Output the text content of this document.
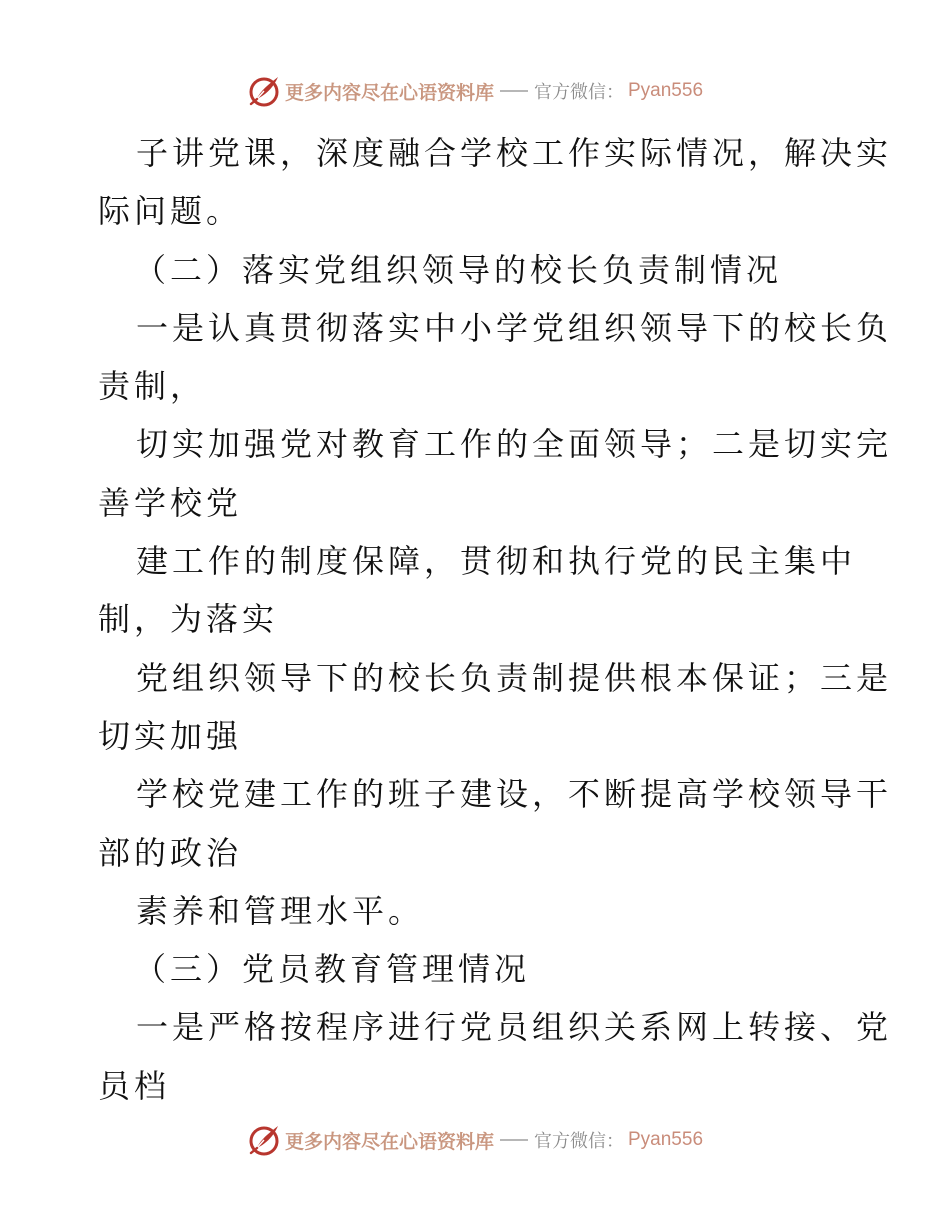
更多内容尽在心语资料库 官方微信： Pyan556
子讲党课，深度融合学校工作实际情况，解决实
际问题。
（二）落实党组织领导的校长负责制情况
一是认真贯彻落实中小学党组织领导下的校长负
责制，
切实加强党对教育工作的全面领导；二是切实完
善学校党
建工作的制度保障，贯彻和执行党的民主集中
制，为落实
党组织领导下的校长负责制提供根本保证；三是
切实加强
学校党建工作的班子建设，不断提高学校领导干
部的政治
素养和管理水平。
（三）党员教育管理情况
一是严格按程序进行党员组织关系网上转接、党
员档
更多内容尽在心语资料库 官方微信： Pyan556
